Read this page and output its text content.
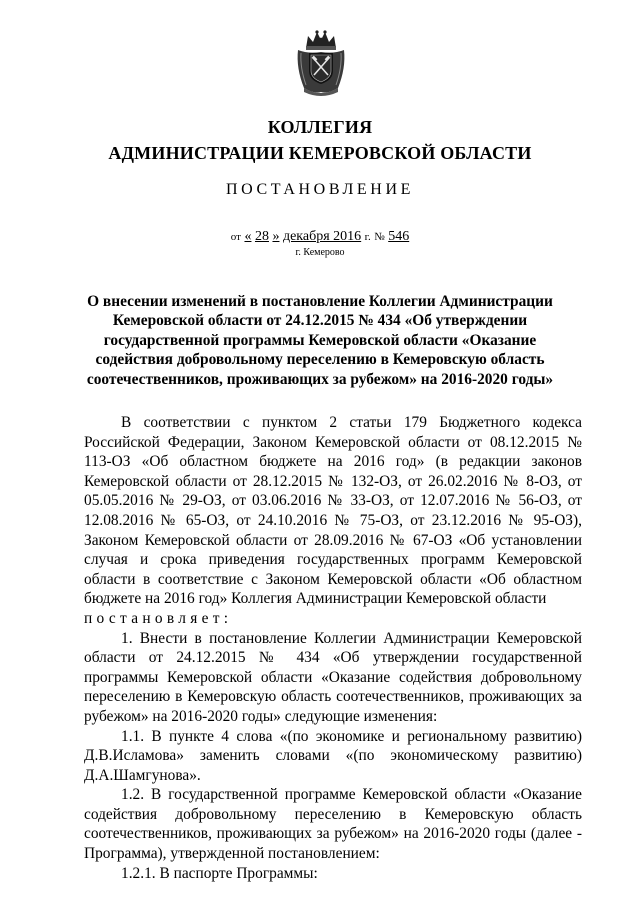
КОЛЛЕГИЯ
АДМИНИСТРАЦИИ КЕМЕРОВСКОЙ ОБЛАСТИ
ПОСТАНОВЛЕНИЕ
от « 28 » декабря 2016 г. № 546
г. Кемерово
О внесении изменений в постановление Коллегии Администрации Кемеровской области от 24.12.2015 № 434 «Об утверждении государственной программы Кемеровской области «Оказание содействия добровольному переселению в Кемеровскую область соотечественников, проживающих за рубежом» на 2016-2020 годы»

В соответствии с пунктом 2 статьи 179 Бюджетного кодекса Российской Федерации, Законом Кемеровской области от 08.12.2015 № 113-ОЗ «Об областном бюджете на 2016 год» (в редакции законов Кемеровской области от 28.12.2015 № 132-ОЗ, от 26.02.2016 № 8-ОЗ, от 05.05.2016 № 29-ОЗ, от 03.06.2016 № 33-ОЗ, от 12.07.2016 № 56-ОЗ, от 12.08.2016 № 65-ОЗ, от 24.10.2016 № 75-ОЗ, от 23.12.2016 № 95-ОЗ), Законом Кемеровской области от 28.09.2016 № 67-ОЗ «Об установлении случая и срока приведения государственных программ Кемеровской области в соответствие с Законом Кемеровской области «Об областном бюджете на 2016 год» Коллегия Администрации Кемеровской области

постановляет:

1. Внести в постановление Коллегии Администрации Кемеровской области от 24.12.2015 № 434 «Об утверждении государственной программы Кемеровской области «Оказание содействия добровольному переселению в Кемеровскую область соотечественников, проживающих за рубежом» на 2016-2020 годы» следующие изменения:

1.1. В пункте 4 слова «(по экономике и региональному развитию) Д.В.Исламова» заменить словами «(по экономическому развитию) Д.А.Шамгунова».

1.2. В государственной программе Кемеровской области «Оказание содействия добровольному переселению в Кемеровскую область соотечественников, проживающих за рубежом» на 2016-2020 годы (далее - Программа), утвержденной постановлением:

1.2.1. В паспорте Программы:
